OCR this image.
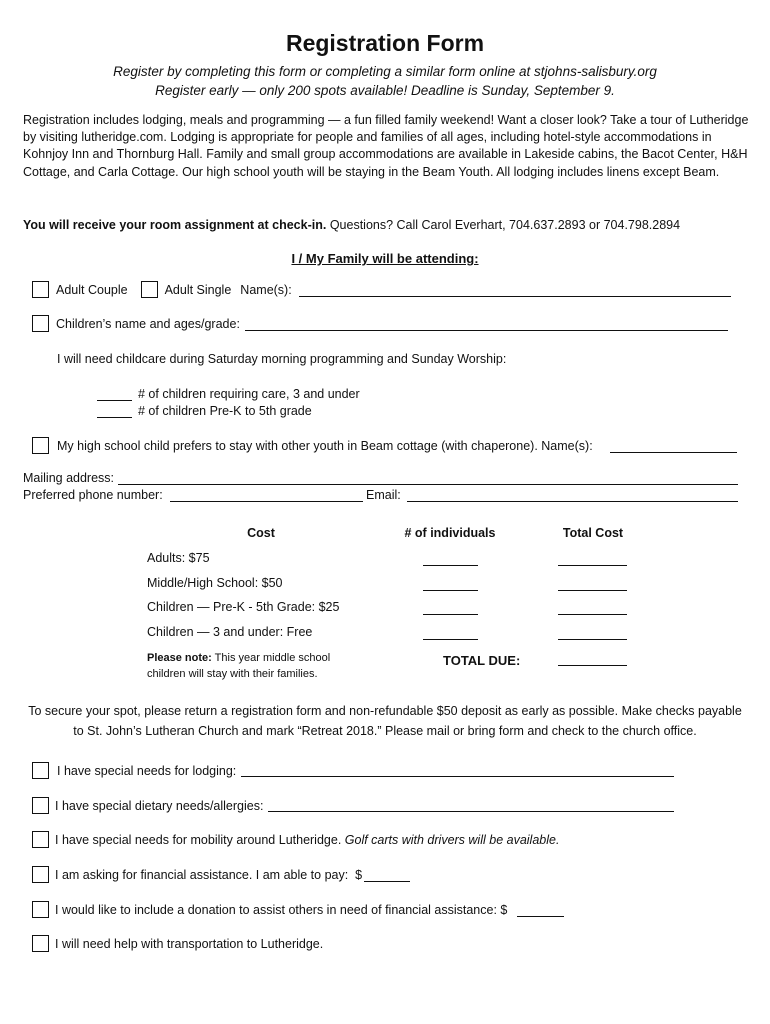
Registration Form
Register by completing this form or completing a similar form online at stjohns-salisbury.org
Register early — only 200 spots available! Deadline is Sunday, September 9.
Registration includes lodging, meals and programming — a fun filled family weekend! Want a closer look? Take a tour of Lutheridge by visiting lutheridge.com. Lodging is appropriate for people and families of all ages, including hotel-style accommodations in Kohnjoy Inn and Thornburg Hall. Family and small group accommodations are available in Lakeside cabins, the Bacot Center, H&H Cottage, and Carla Cottage. Our high school youth will be staying in the Beam Youth. All lodging includes linens except Beam.
You will receive your room assignment at check-in. Questions? Call Carol Everhart, 704.637.2893 or 704.798.2894
I / My Family will be attending:
Adult Couple	Adult Single Name(s):
Children’s name and ages/grade:
I will need childcare during Saturday morning programming and Sunday Worship:
# of children requiring care, 3 and under
# of children Pre-K to 5th grade
My high school child prefers to stay with other youth in Beam cottage (with chaperone). Name(s):
Mailing address:
Preferred phone number:	Email:
Cost	# of individuals	Total Cost
Adults: $75
Middle/High School: $50
Children — Pre-K - 5th Grade: $25
Children — 3 and under: Free
Please note: This year middle school
children will stay with their families.
TOTAL DUE:
To secure your spot, please return a registration form and non-refundable $50 deposit as early as possible. Make checks payable
to St. John’s Lutheran Church and mark “Retreat 2018.” Please mail or bring form and check to the church office.
I have special needs for lodging:
I have special dietary needs/allergies:
I have special needs for mobility around Lutheridge. Golf carts with drivers will be available.
I am asking for financial assistance. I am able to pay:  $
I would like to include a donation to assist others in need of financial assistance: $
I will need help with transportation to Lutheridge.
